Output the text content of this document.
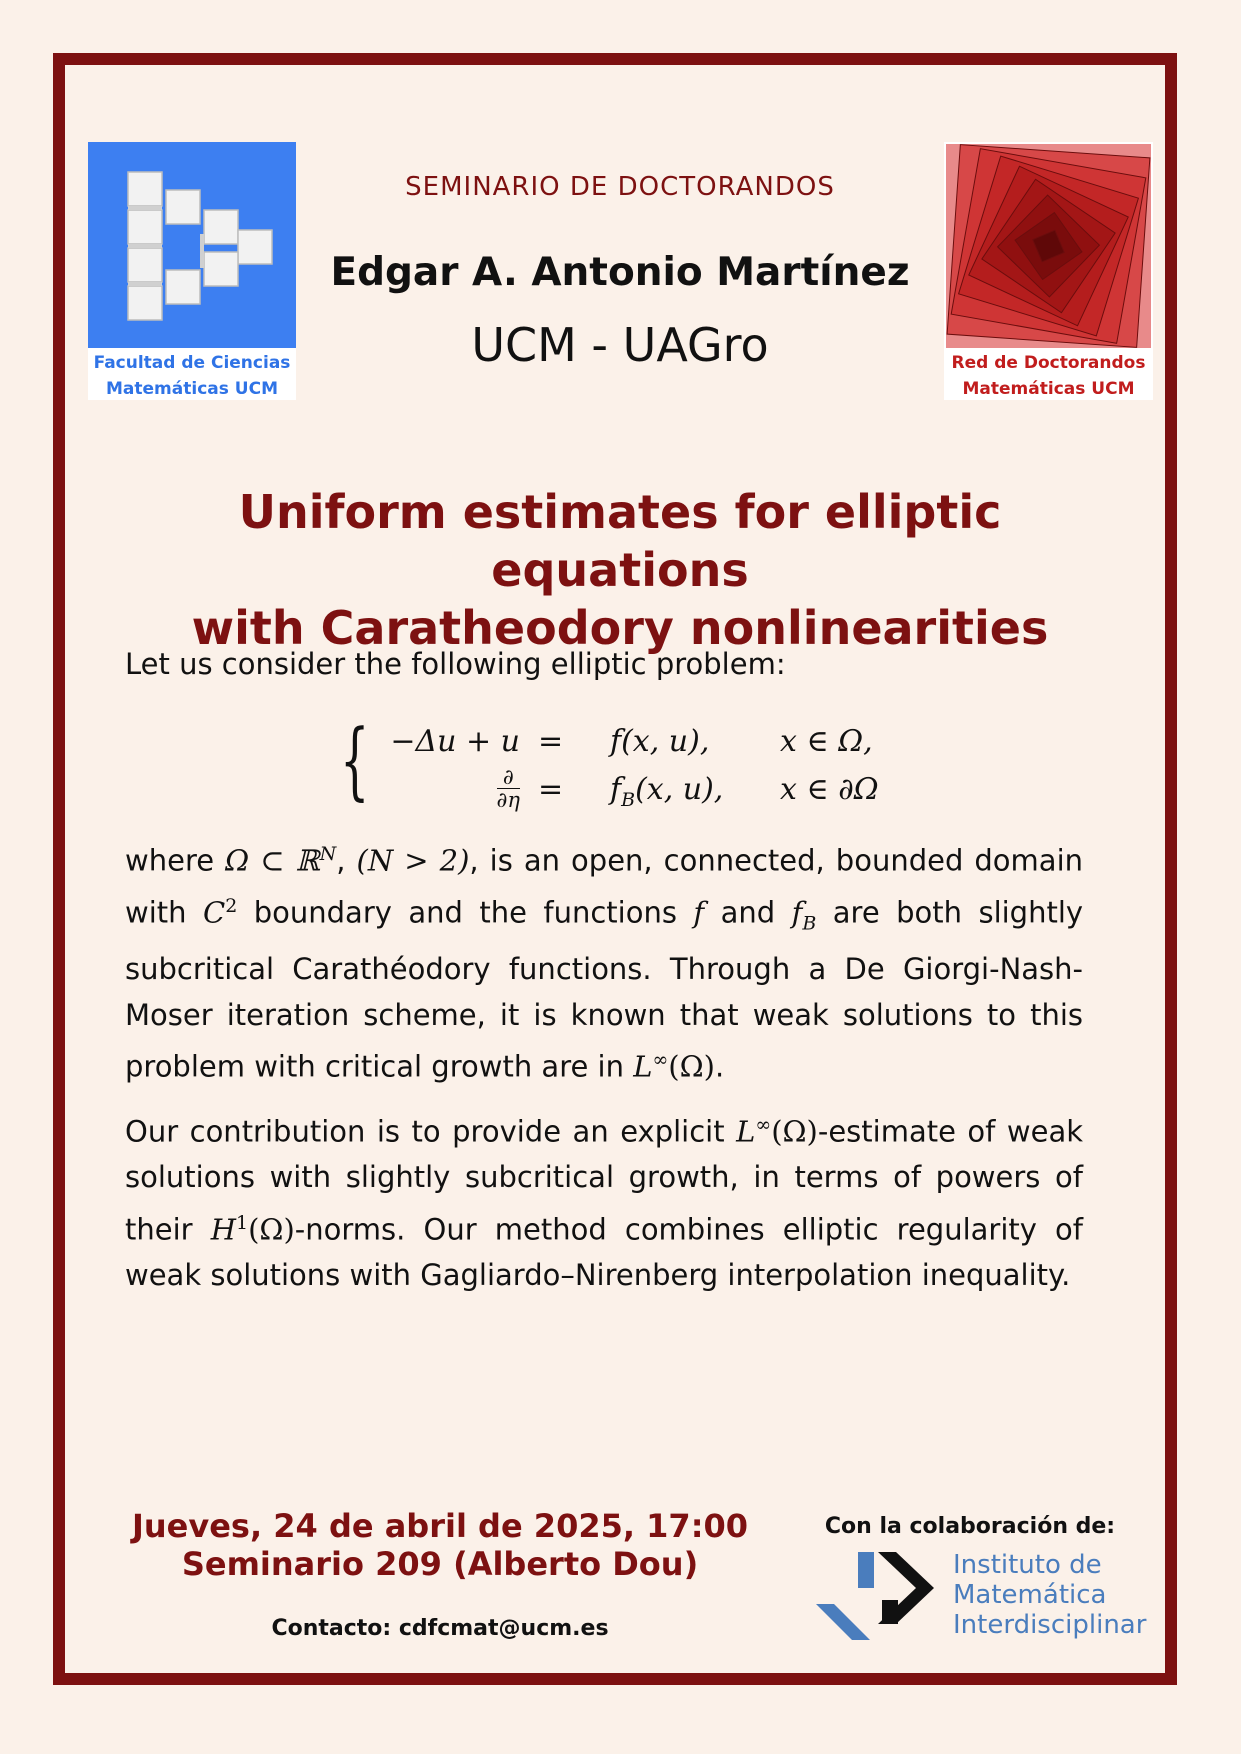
Facultad de Ciencias
Matemáticas UCM
Red de Doctorandos
Matemáticas UCM
SEMINARIO DE DOCTORANDOS
Edgar A. Antonio Martínez
UCM - UAGro
Uniform estimates for elliptic equations
with Caratheodory nonlinearities
Let us consider the following elliptic problem:
{ −Δu + u = f(x, u), x ∈ Ω,
$\frac{\partial}{\partial\eta} = f_B(x$, u), x ∈ ∂Ω
where Ω ⊂ ℝ$^N$, (N > 2), is an open, connected, bounded domain with $C^2$ boundary and the functions f and $f_B$ are both slightly subcritical Carathéodory functions. Through a De Giorgi-Nash-Moser iteration scheme, it is known that weak solutions to this problem with critical growth are in L∞(Ω).
Our contribution is to provide an explicit L∞(Ω)-estimate of weak solutions with slightly subcritical growth, in terms of powers of their $H^1(\Omega)$-norms. Our method combines elliptic regularity of weak solutions with Gagliardo–Nirenberg interpolation inequality.
Jueves, 24 de abril de 2025, 17:00
Seminario 209 (Alberto Dou)
Contacto: cdfcmat@ucm.es
Con la colaboración de:
Instituto de
Matemática
Interdisciplinar
